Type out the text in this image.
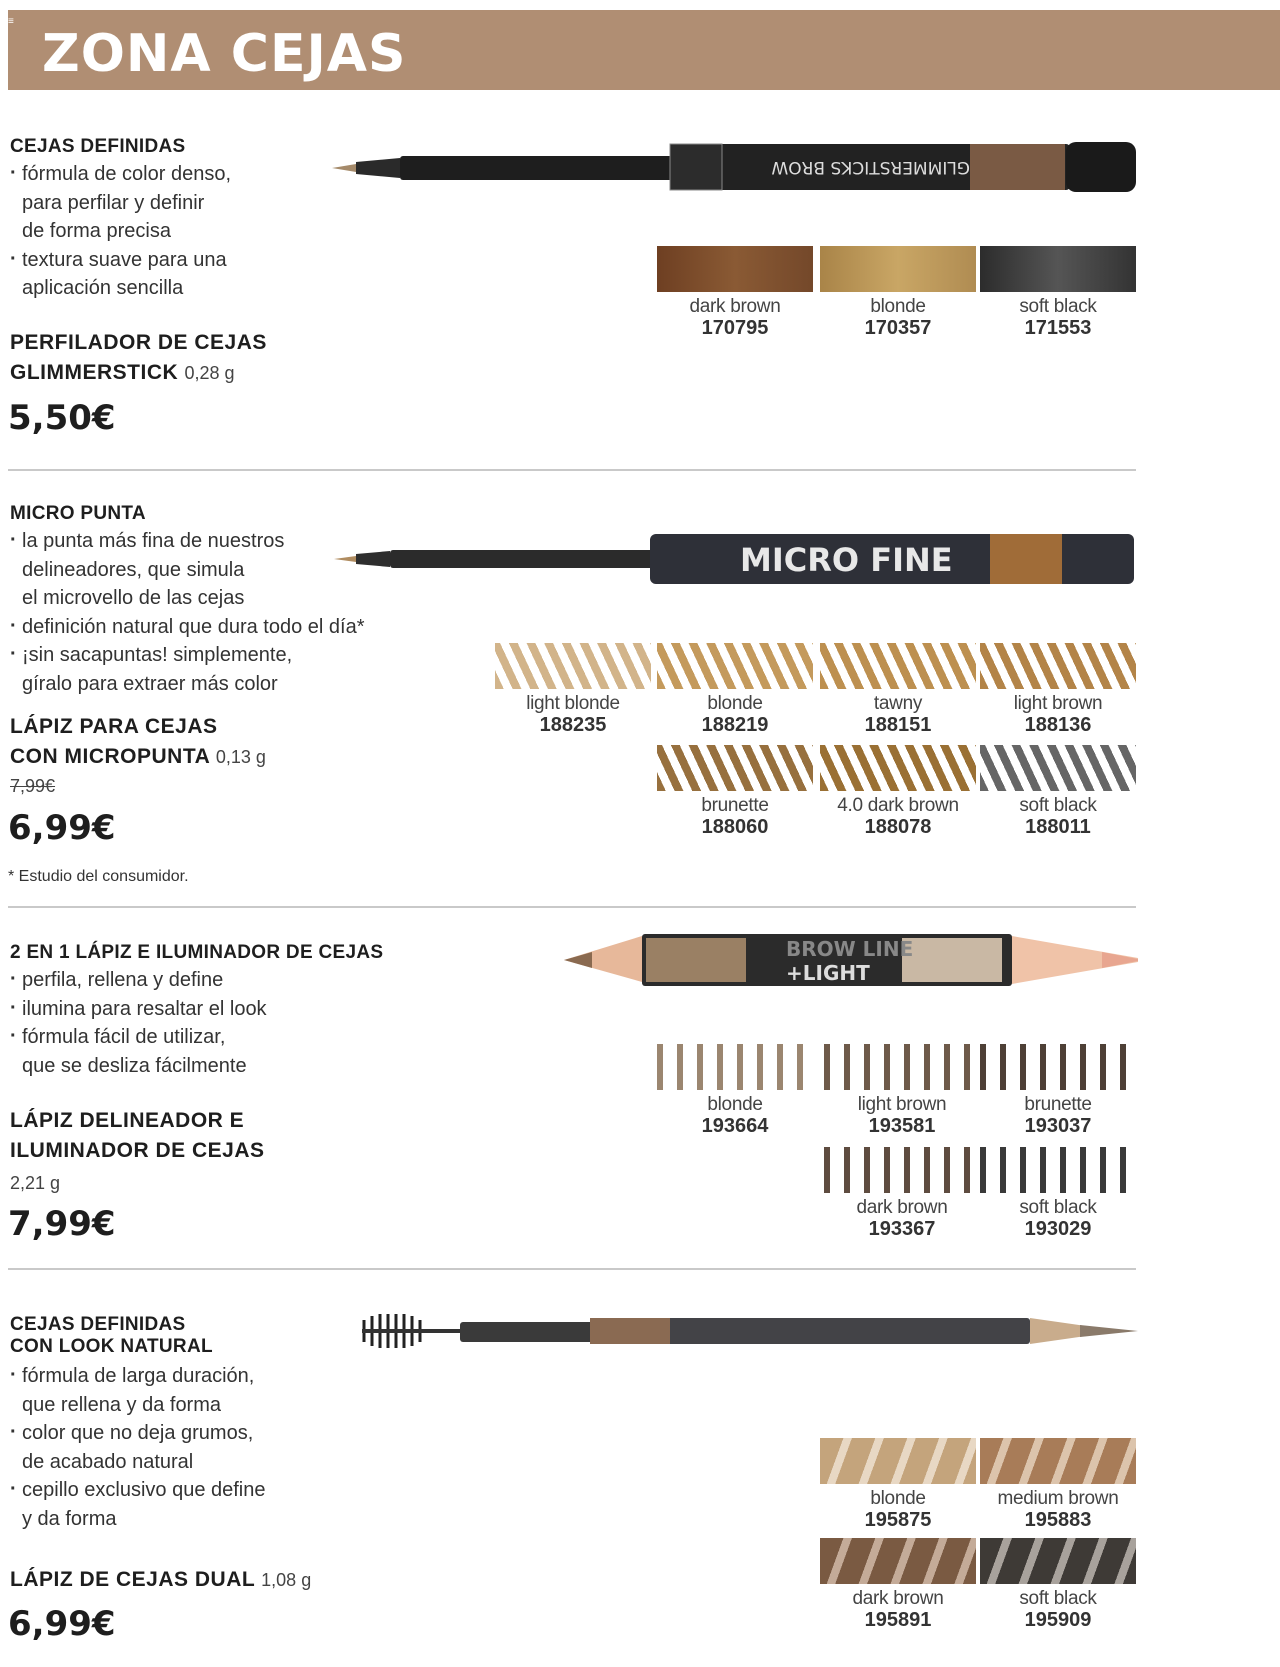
≡
ZONA CEJAS
CEJAS DEFINIDAS
· fórmula de color denso,
para perfilar y definir
de forma precisa
· textura suave para una
aplicación sencilla
PERFILADOR DE CEJAS
GLIMMERSTICK 0,28 g
5,50€
GLIMMERSTICKS BROW
dark brown
170795
blonde
170357
soft black
171553
MICRO PUNTA
· la punta más fina de nuestros
delineadores, que simula
el microvello de las cejas
· definición natural que dura todo el día*
· ¡sin sacapuntas! simplemente,
gíralo para extraer más color
LÁPIZ PARA CEJAS
CON MICROPUNTA 0,13 g
7,99€
6,99€
* Estudio del consumidor.
MICRO FINE
light blonde
188235
blonde
188219
tawny
188151
light brown
188136
brunette
188060
4.0 dark brown
188078
soft black
188011
2 EN 1 LÁPIZ E ILUMINADOR DE CEJAS
· perfila, rellena y define
· ilumina para resaltar el look
· fórmula fácil de utilizar,
que se desliza fácilmente
LÁPIZ DELINEADOR E
ILUMINADOR DE CEJAS
2,21 g
7,99€
BROW LINE
+LIGHT
blonde
193664
light brown
193581
brunette
193037
dark brown
193367
soft black
193029
CEJAS DEFINIDAS
CON LOOK NATURAL
· fórmula de larga duración,
que rellena y da forma
· color que no deja grumos,
de acabado natural
· cepillo exclusivo que define
y da forma
LÁPIZ DE CEJAS DUAL 1,08 g
6,99€
blonde
195875
medium brown
195883
dark brown
195891
soft black
195909
